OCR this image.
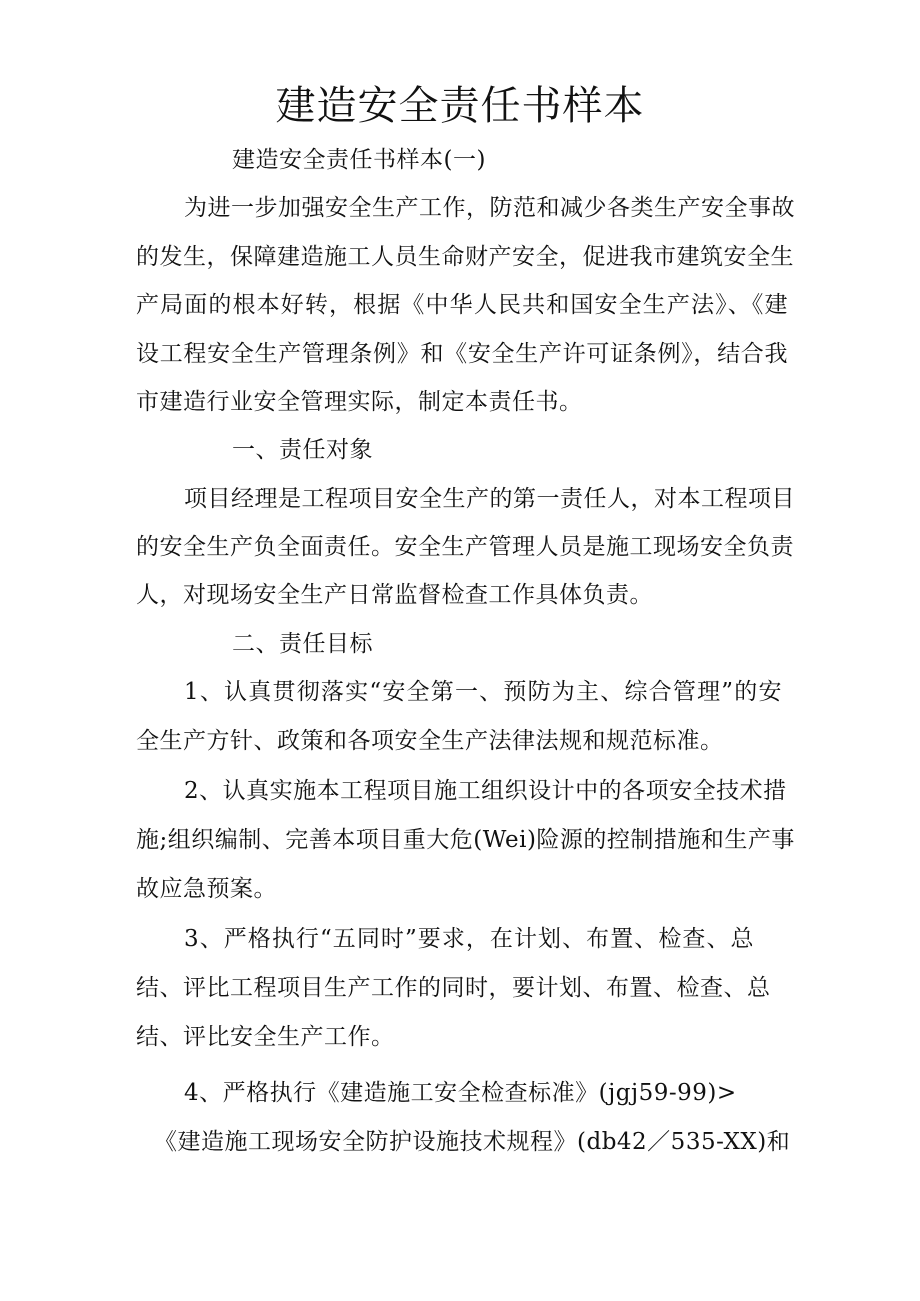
建造安全责任书样本
建造安全责任书样本(一)
为进一步加强安全生产工作，防范和减少各类生产安全事故
的发生，保障建造施工人员生命财产安全，促进我市建筑安全生
产局面的根本好转，根据《中华人民共和国安全生产法》、《建
设工程安全生产管理条例》和《安全生产许可证条例》，结合我
市建造行业安全管理实际，制定本责任书。
一、责任对象
项目经理是工程项目安全生产的第一责任人，对本工程项目
的安全生产负全面责任。安全生产管理人员是施工现场安全负责
人，对现场安全生产日常监督检查工作具体负责。
二、责任目标
1、认真贯彻落实“安全第一、预防为主、综合管理”的安
全生产方针、政策和各项安全生产法律法规和规范标准。
2、认真实施本工程项目施工组织设计中的各项安全技术措
施;组织编制、完善本项目重大危(Wei)险源的控制措施和生产事
故应急预案。
3、严格执行“五同时”要求，在计划、布置、检查、总
结、评比工程项目生产工作的同时，要计划、布置、检查、总
结、评比安全生产工作。
4、严格执行《建造施工安全检查标准》(jgj59-99)>
《建造施工现场安全防护设施技术规程》(db42／535-XX)和
